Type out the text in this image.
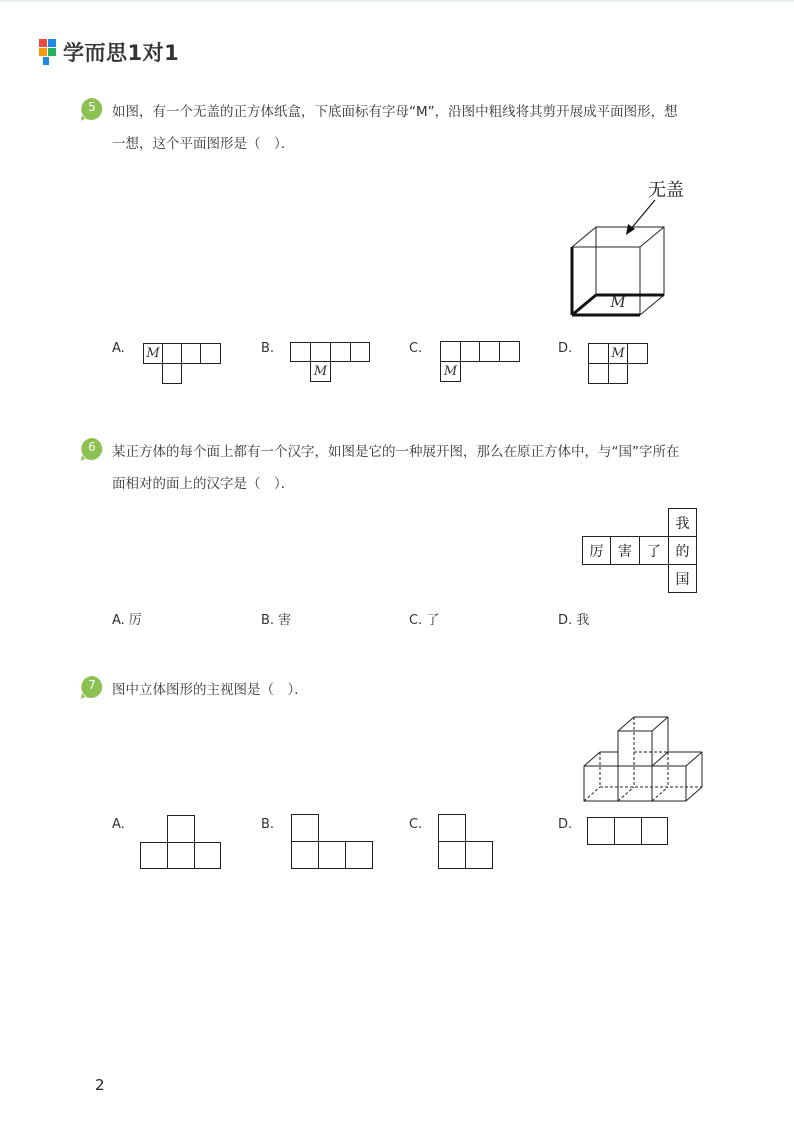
学而思1对1
5	如图，有一个无盖的正方体纸盒，下底面标有字母“M”，沿图中粗线将其剪开展成平面图形，想
一想，这个平面图形是（　）．
无盖
M
A. M	B.
M
C.
M
D.	M
6	某正方体的每个面上都有一个汉字，如图是它的一种展开图，那么在原正方体中，与“国”字所在
面相对的面上的汉字是（　）．
我
厉	害	了	的
国
A. 厉	B. 害	C. 了	D. 我
7	图中立体图形的主视图是（　）．
A.	B.	C.	D.
2
